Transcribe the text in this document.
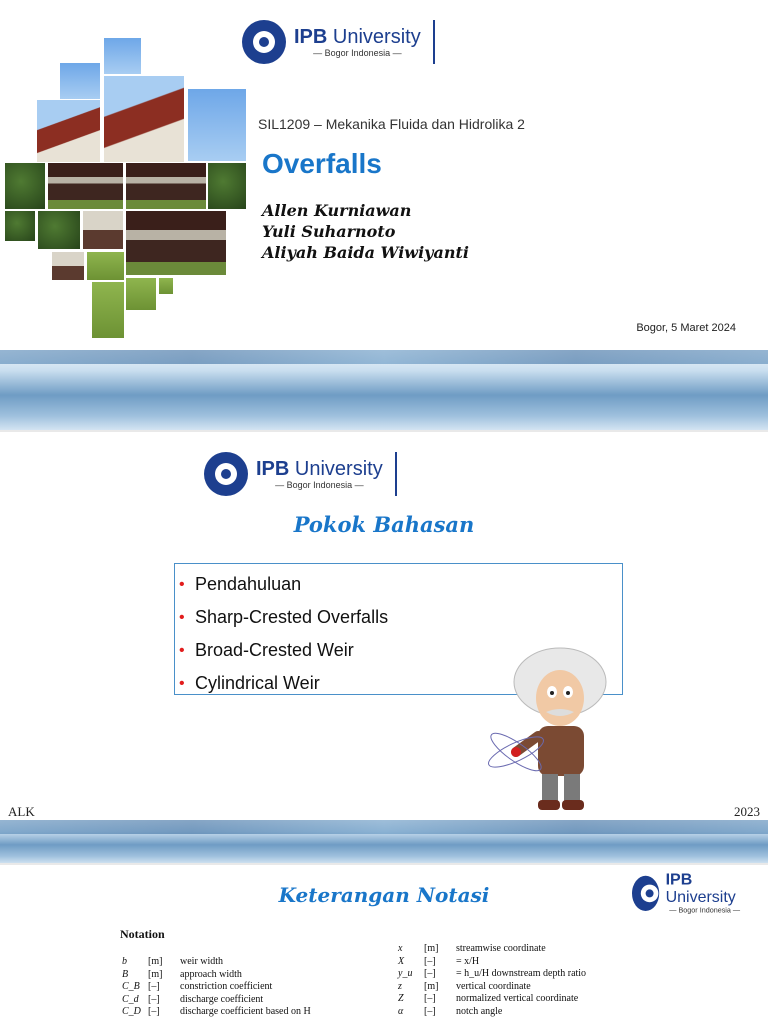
IPB University
— Bogor Indonesia —
SIL1209 – Mekanika Fluida dan Hidrolika 2
Overfalls
Allen Kurniawan
Yuli Suharnoto
Aliyah Baida Wiwiyanti
Bogor, 5 Maret 2024
IPB University
— Bogor Indonesia —
Pokok Bahasan
• Pendahuluan
• Sharp-Crested Overfalls
• Broad-Crested Weir
• Cylindrical Weir
ALK	2023
Keterangan Notasi
IPB University
— Bogor Indonesia —
Notation
b	[m]	weir width
B	[m]	approach width
C_B [–]	constriction coefficient
C_d [–]	discharge coefficient
C_D [–]	discharge coefficient based on H
x	[m]	streamwise coordinate
X	[–]	= x/H
y_u	[–]	= h_u/H downstream depth ratio
z	[m]	vertical coordinate
Z	[–]	normalized vertical coordinate
α	[–]	notch angle
